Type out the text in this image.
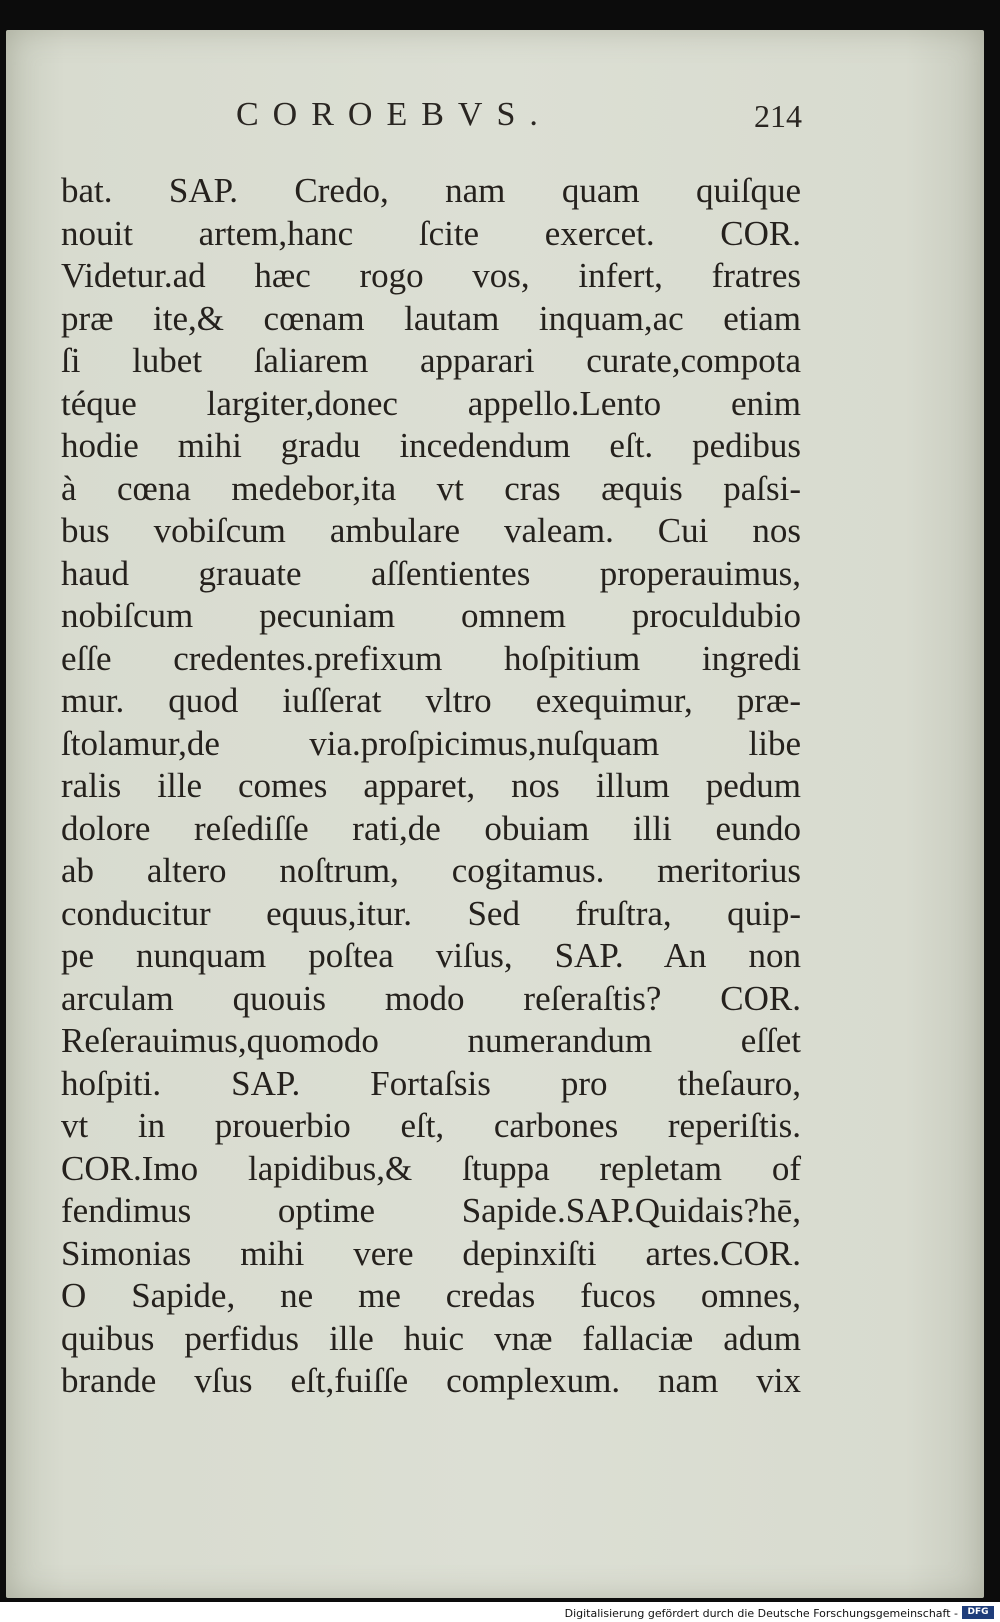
COROEBVS.	214
bat. SAP. Credo, nam quam quiſque
nouit artem,hanc ſcite exercet. COR.
Videtur.ad hæc rogo vos, infert, fratres
præ ite,& cœnam lautam inquam,ac etiam
ſi lubet ſaliarem apparari curate,compota
téque largiter,donec appello.Lento enim
hodie mihi gradu incedendum eſt. pedibus
à cœna medebor,ita vt cras æquis paſsi-
bus vobiſcum ambulare valeam. Cui nos
haud grauate aſſentientes properauimus,
nobiſcum pecuniam omnem proculdubio
eſſe credentes.prefixum hoſpitium ingredi
mur. quod iuſſerat vltro exequimur, præ-
ſtolamur,de via.proſpicimus,nuſquam libe
ralis ille comes apparet, nos illum pedum
dolore reſediſſe rati,de obuiam illi eundo
ab altero noſtrum, cogitamus. meritorius
conducitur equus,itur. Sed fruſtra, quip-
pe nunquam poſtea viſus, SAP. An non
arculam quouis modo reſeraſtis? COR.
Reſerauimus,quomodo numerandum eſſet
hoſpiti. SAP. Fortaſsis pro theſauro,
vt in prouerbio eſt, carbones reperiſtis.
COR.Imo lapidibus,& ſtuppa repletam of
fendimus optime Sapide.SAP.Quidais?hē,
Simonias mihi vere depinxiſti artes.COR.
O Sapide, ne me credas fucos omnes,
quibus perfidus ille huic vnæ fallaciæ adum
brande vſus eſt,fuiſſe complexum. nam vix
Digitalisierung gefördert durch die Deutsche Forschungsgemeinschaft -	DFG
